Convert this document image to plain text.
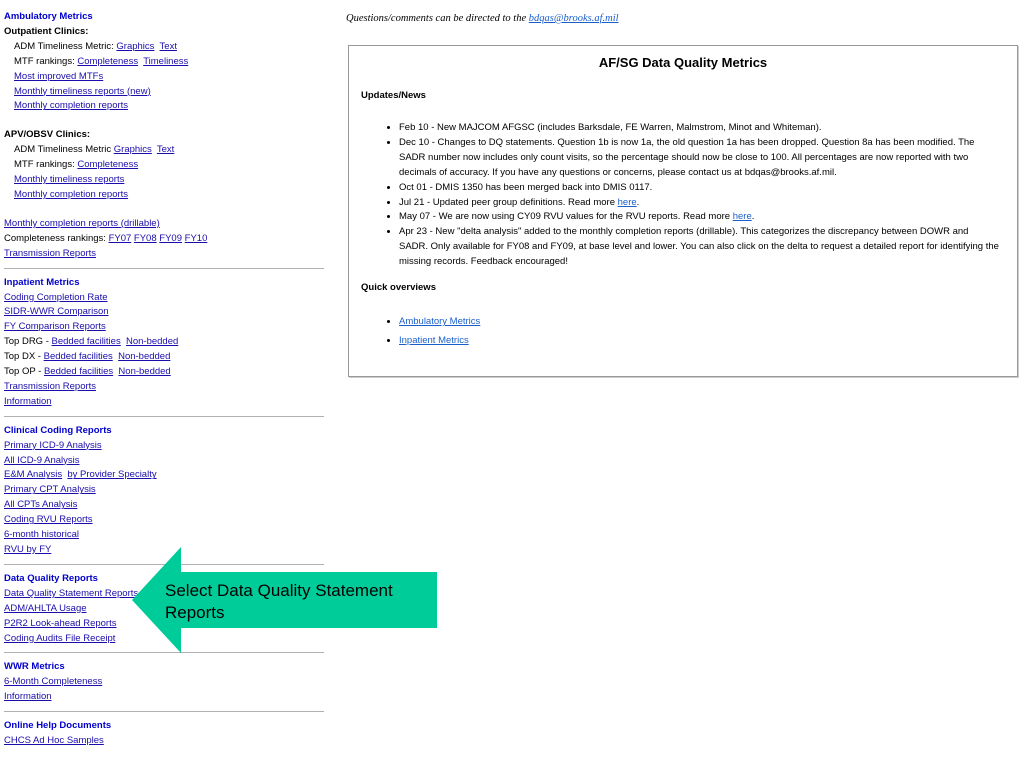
Ambulatory Metrics
Outpatient Clinics:
ADM Timeliness Metric: Graphics Text
MTF rankings: Completeness Timeliness
Most improved MTFs
Monthly timeliness reports (new)
Monthly completion reports
APV/OBSV Clinics:
ADM Timeliness Metric Graphics Text
MTF rankings: Completeness
Monthly timeliness reports
Monthly completion reports
Monthly completion reports (drillable)
Completeness rankings: FY07 FY08 FY09 FY10
Transmission Reports
Inpatient Metrics
Coding Completion Rate
SIDR-WWR Comparison
FY Comparison Reports
Top DRG - Bedded facilities Non-bedded
Top DX - Bedded facilities Non-bedded
Top OP - Bedded facilities Non-bedded
Transmission Reports
Information
Clinical Coding Reports
Primary ICD-9 Analysis
All ICD-9 Analysis
E&M Analysis by Provider Specialty
Primary CPT Analysis
All CPTs Analysis
Coding RVU Reports
6-month historical
RVU by FY
Data Quality Reports
Data Quality Statement Reports
ADM/AHLTA Usage
P2R2 Look-ahead Reports
Coding Audits File Receipt
WWR Metrics
6-Month Completeness
Information
Online Help Documents
CHCS Ad Hoc Samples
Questions/comments can be directed to the bdqas@brooks.af.mil
AF/SG Data Quality Metrics
Updates/News
• Feb 10 - New MAJCOM AFGSC (includes Barksdale, FE Warren, Malmstrom, Minot and Whiteman).
• Dec 10 - Changes to DQ statements. Question 1b is now 1a, the old question 1a has been dropped. Question 8a has been modified. The SADR number now includes only count visits, so the percentage should now be close to 100. All percentages are now reported with two decimals of accuracy. If you have any questions or concerns, please contact us at bdqas@brooks.af.mil.
• Oct 01 - DMIS 1350 has been merged back into DMIS 0117.
• Jul 21 - Updated peer group definitions. Read more here.
• May 07 - We are now using CY09 RVU values for the RVU reports. Read more here.
• Apr 23 - New "delta analysis" added to the monthly completion reports (drillable). This categorizes the discrepancy between DOWR and SADR. Only available for FY08 and FY09, at base level and lower. You can also click on the delta to request a detailed report for identifying the missing records. Feedback encouraged!
Quick overviews
• Ambulatory Metrics
• Inpatient Metrics
Select Data Quality Statement Reports
